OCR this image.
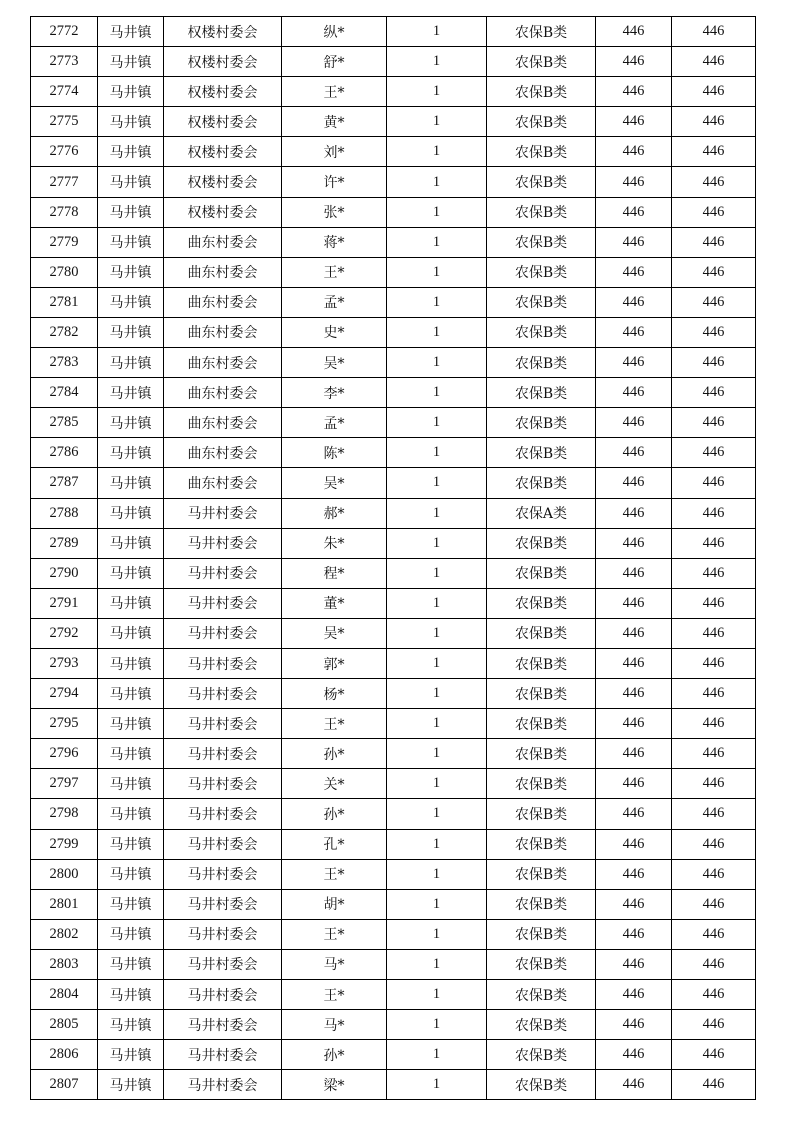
2772	马井镇	权楼村委会	纵*	1	农保B类	446	446
2773	马井镇	权楼村委会	舒*	1	农保B类	446	446
2774	马井镇	权楼村委会	王*	1	农保B类	446	446
2775	马井镇	权楼村委会	黄*	1	农保B类	446	446
2776	马井镇	权楼村委会	刘*	1	农保B类	446	446
2777	马井镇	权楼村委会	许*	1	农保B类	446	446
2778	马井镇	权楼村委会	张*	1	农保B类	446	446
2779	马井镇	曲东村委会	蒋*	1	农保B类	446	446
2780	马井镇	曲东村委会	王*	1	农保B类	446	446
2781	马井镇	曲东村委会	孟*	1	农保B类	446	446
2782	马井镇	曲东村委会	史*	1	农保B类	446	446
2783	马井镇	曲东村委会	吴*	1	农保B类	446	446
2784	马井镇	曲东村委会	李*	1	农保B类	446	446
2785	马井镇	曲东村委会	孟*	1	农保B类	446	446
2786	马井镇	曲东村委会	陈*	1	农保B类	446	446
2787	马井镇	曲东村委会	吴*	1	农保B类	446	446
2788	马井镇	马井村委会	郝*	1	农保A类	446	446
2789	马井镇	马井村委会	朱*	1	农保B类	446	446
2790	马井镇	马井村委会	程*	1	农保B类	446	446
2791	马井镇	马井村委会	董*	1	农保B类	446	446
2792	马井镇	马井村委会	吴*	1	农保B类	446	446
2793	马井镇	马井村委会	郭*	1	农保B类	446	446
2794	马井镇	马井村委会	杨*	1	农保B类	446	446
2795	马井镇	马井村委会	王*	1	农保B类	446	446
2796	马井镇	马井村委会	孙*	1	农保B类	446	446
2797	马井镇	马井村委会	关*	1	农保B类	446	446
2798	马井镇	马井村委会	孙*	1	农保B类	446	446
2799	马井镇	马井村委会	孔*	1	农保B类	446	446
2800	马井镇	马井村委会	王*	1	农保B类	446	446
2801	马井镇	马井村委会	胡*	1	农保B类	446	446
2802	马井镇	马井村委会	王*	1	农保B类	446	446
2803	马井镇	马井村委会	马*	1	农保B类	446	446
2804	马井镇	马井村委会	王*	1	农保B类	446	446
2805	马井镇	马井村委会	马*	1	农保B类	446	446
2806	马井镇	马井村委会	孙*	1	农保B类	446	446
2807	马井镇	马井村委会	梁*	1	农保B类	446	446
